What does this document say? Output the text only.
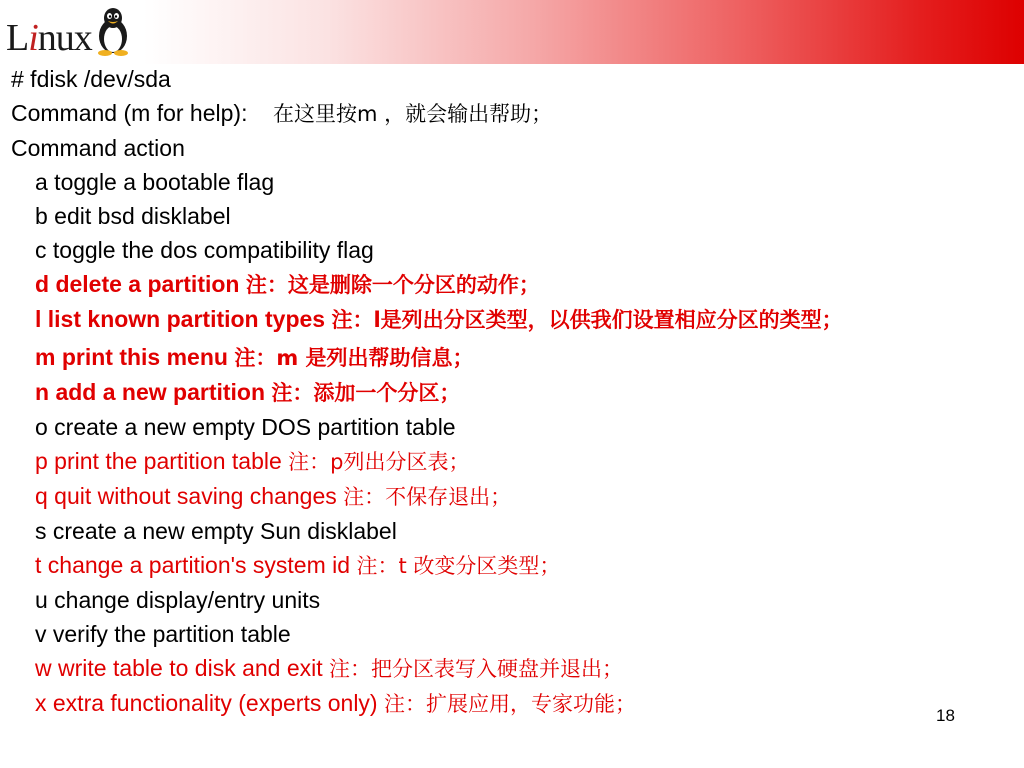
Linux
# fdisk /dev/sda
Command (m for help): 在这里按m ，就会输出帮助；
Command action
a toggle a bootable flag
b edit bsd disklabel
c toggle the dos compatibility flag
d delete a partition 注：这是删除一个分区的动作；
l list known partition types 注：l是列出分区类型，以供我们设置相应分区的类型；
m print this menu 注：m 是列出帮助信息；
n add a new partition 注：添加一个分区；
o create a new empty DOS partition table
p print the partition table 注：p列出分区表；
q quit without saving changes 注：不保存退出；
s create a new empty Sun disklabel
t change a partition's system id 注：t 改变分区类型；
u change display/entry units
v verify the partition table
w write table to disk and exit 注：把分区表写入硬盘并退出；
x extra functionality (experts only) 注：扩展应用，专家功能；	18
